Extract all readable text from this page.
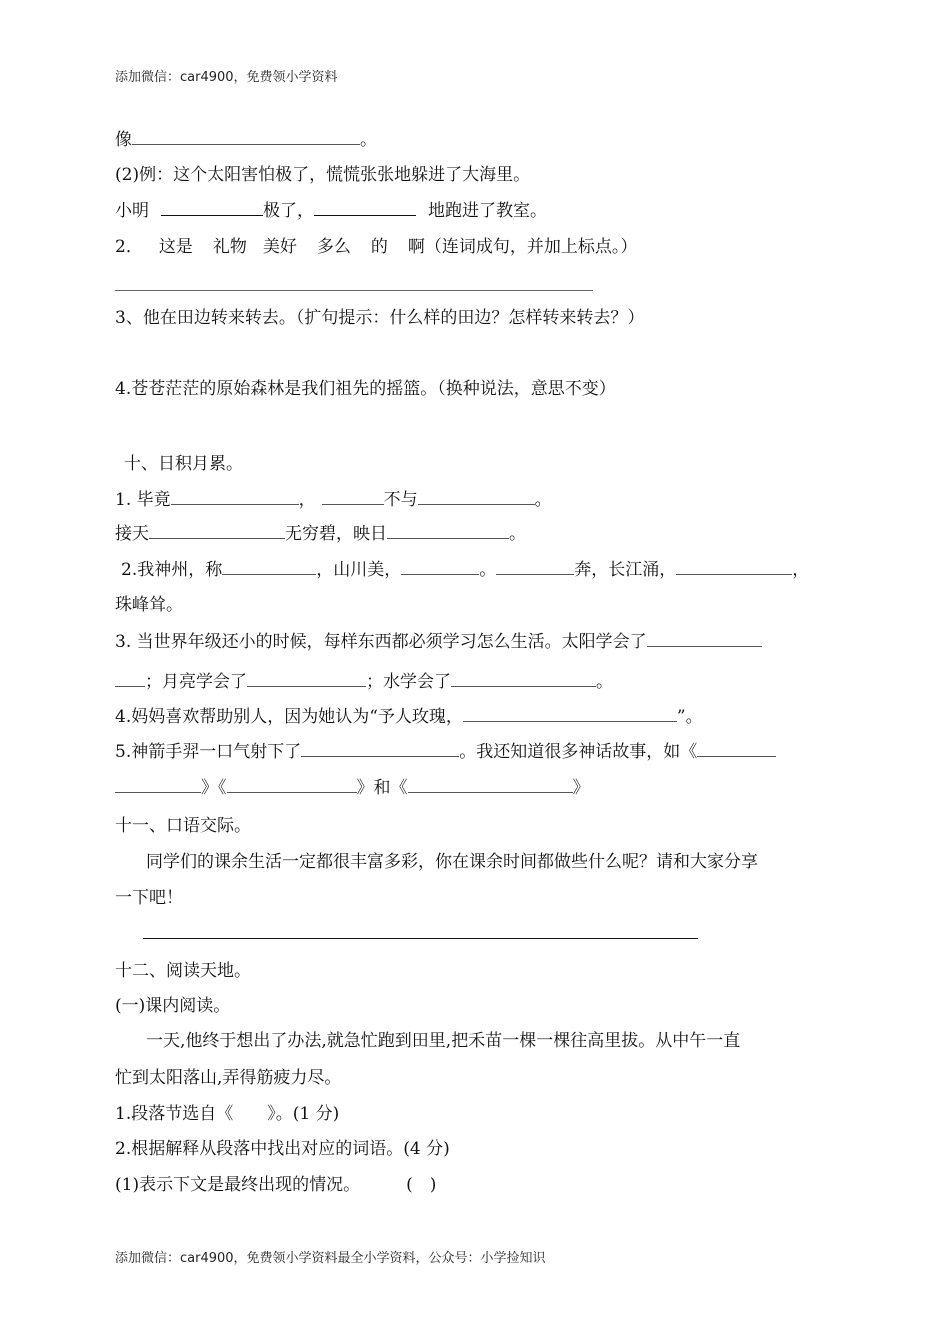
添加微信：car4900，免费领小学资料
像	。
(2)例：这个太阳害怕极了，慌慌张张地躲进了大海里。
小明	极了，	地跑进了教室。
2． 这是 礼物 美好 多么 的 啊（连词成句，并加上标点。）
3、他在田边转来转去。（扩句提示：什么样的田边？怎样转来转去？）
4.苍苍茫茫的原始森林是我们祖先的摇篮。（换种说法，意思不变）
十、日积月累。
1. 毕竟	，	不与	。
接天	无穷碧，映日	。
2.我神州，称	，山川美，	。	奔，长江涌，	，
珠峰耸。
3. 当世界年级还小的时候，每样东西都必须学习怎么生活。太阳学会了
；月亮学会了	；水学会了	。
4.妈妈喜欢帮助别人，因为她认为“予人玫瑰，	”。
5.神箭手羿一口气射下了	。我还知道很多神话故事，如《
》《	》和《	》
十一、口语交际。
同学们的课余生活一定都很丰富多彩，你在课余时间都做些什么呢？请和大家分享
一下吧！
十二、阅读天地。
(一)课内阅读。
一天,他终于想出了办法,就急忙跑到田里,把禾苗一棵一棵往高里拔。从中午一直
忙到太阳落山,弄得筋疲力尽。
1.段落节选自《　　》。(1 分)
2.根据解释从段落中找出对应的词语。(4 分)
(1)表示下文是最终出现的情况。	(　)
添加微信：car4900，免费领小学资料最全小学资料，公众号：小学捡知识
